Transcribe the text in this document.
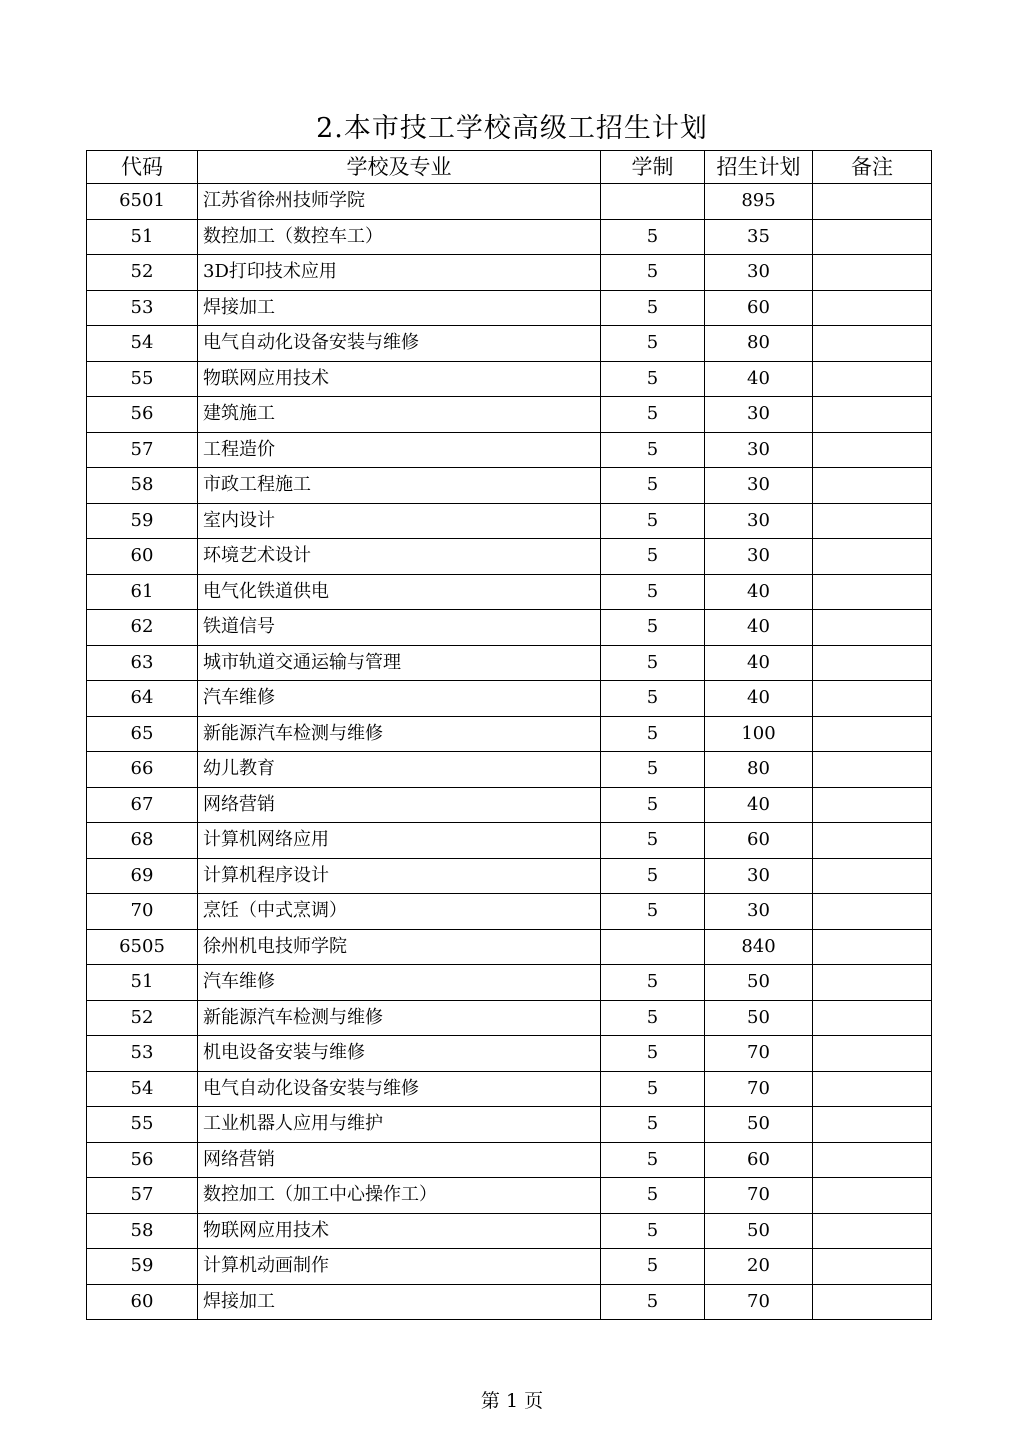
2.本市技工学校高级工招生计划
代码	学校及专业	学制	招生计划	备注
6501	江苏省徐州技师学院		895	
51	数控加工（数控车工）	5	35	
52	3D打印技术应用	5	30	
53	焊接加工	5	60	
54	电气自动化设备安装与维修	5	80	
55	物联网应用技术	5	40	
56	建筑施工	5	30	
57	工程造价	5	30	
58	市政工程施工	5	30	
59	室内设计	5	30	
60	环境艺术设计	5	30	
61	电气化铁道供电	5	40	
62	铁道信号	5	40	
63	城市轨道交通运输与管理	5	40	
64	汽车维修	5	40	
65	新能源汽车检测与维修	5	100	
66	幼儿教育	5	80	
67	网络营销	5	40	
68	计算机网络应用	5	60	
69	计算机程序设计	5	30	
70	烹饪（中式烹调）	5	30	
6505	徐州机电技师学院		840	
51	汽车维修	5	50	
52	新能源汽车检测与维修	5	50	
53	机电设备安装与维修	5	70	
54	电气自动化设备安装与维修	5	70	
55	工业机器人应用与维护	5	50	
56	网络营销	5	60	
57	数控加工（加工中心操作工）	5	70	
58	物联网应用技术	5	50	
59	计算机动画制作	5	20	
60	焊接加工	5	70	
第 1 页
